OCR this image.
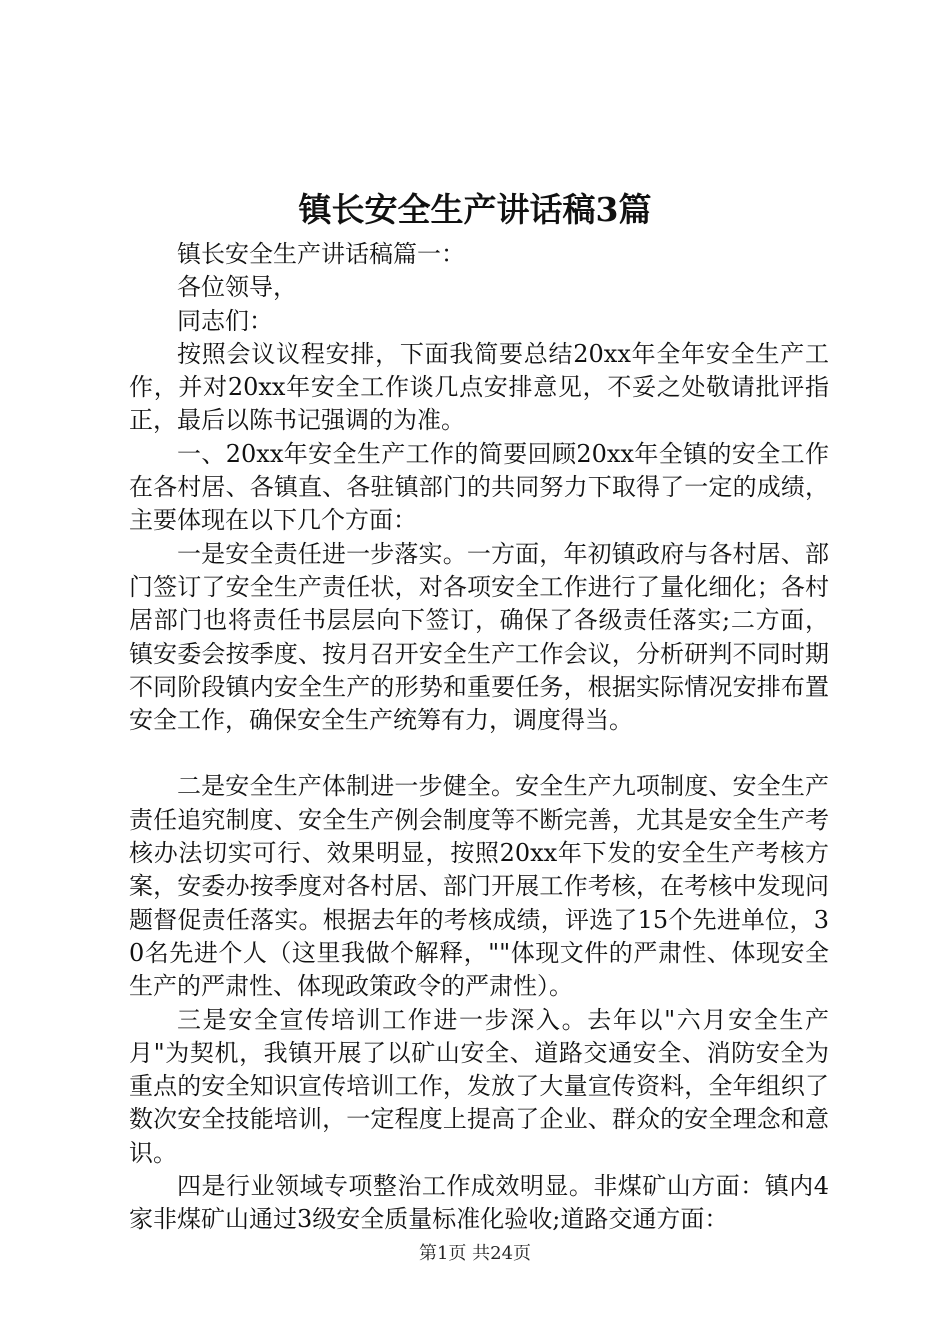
镇长安全生产讲话稿3篇

镇长安全生产讲话稿篇一：

各位领导，

同志们：

按照会议议程安排，下面我简要总结20xx年全年安全生产工作，并对20xx年安全工作谈几点安排意见，不妥之处敬请批评指正，最后以陈书记强调的为准。

一、20xx年安全生产工作的简要回顾20xx年全镇的安全工作在各村居、各镇直、各驻镇部门的共同努力下取得了一定的成绩，主要体现在以下几个方面：

一是安全责任进一步落实。一方面，年初镇政府与各村居、部门签订了安全生产责任状，对各项安全工作进行了量化细化；各村居部门也将责任书层层向下签订，确保了各级责任落实;二方面，镇安委会按季度、按月召开安全生产工作会议，分析研判不同时期不同阶段镇内安全生产的形势和重要任务，根据实际情况安排布置安全工作，确保安全生产统筹有力，调度得当。

二是安全生产体制进一步健全。安全生产九项制度、安全生产责任追究制度、安全生产例会制度等不断完善，尤其是安全生产考核办法切实可行、效果明显，按照20xx年下发的安全生产考核方案，安委办按季度对各村居、部门开展工作考核，在考核中发现问题督促责任落实。根据去年的考核成绩，评选了15个先进单位，30名先进个人（这里我做个解释，""体现文件的严肃性、体现安全生产的严肃性、体现政策政令的严肃性）。

三是安全宣传培训工作进一步深入。去年以"六月安全生产月"为契机，我镇开展了以矿山安全、道路交通安全、消防安全为重点的安全知识宣传培训工作，发放了大量宣传资料，全年组织了数次安全技能培训，一定程度上提高了企业、群众的安全理念和意识。

四是行业领域专项整治工作成效明显。非煤矿山方面：镇内4家非煤矿山通过3级安全质量标准化验收;道路交通方面：

第1页 共24页
